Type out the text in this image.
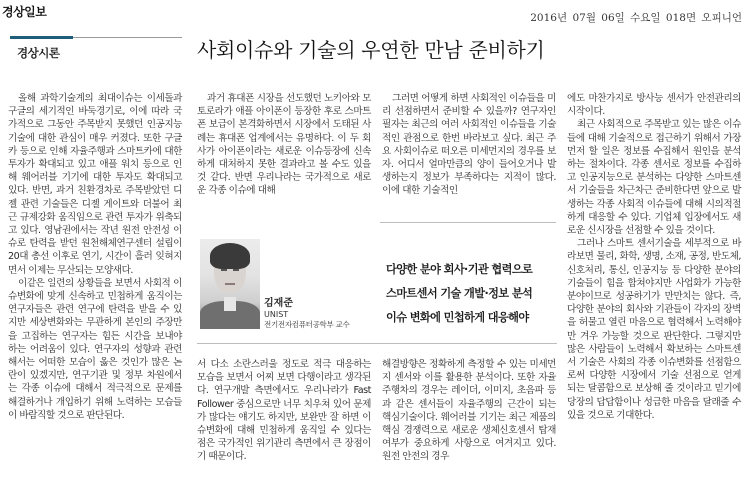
경상일보	2016년 07월 06일 수요일 018면 오피니언
경상시론	사회이슈와 기술의 우연한 만남 준비하기

올해 과학기술계의 최대이슈는 이세돌과 구글의 세기적인 바둑경기로, 이에 따라 국가적으로 그동안 주목받지 못했던 인공지능 기술에 대한 관심이 매우 커졌다. 또한 구글카 등으로 인해 자율주행과 스마트카에 대한 투자가 확대되고 있고 애플 워치 등으로 인해 웨어러블 기기에 대한 투자도 확대되고 있다. 반면, 과거 친환경차로 주목받았던 디젤 관련 기술들은 디젤 게이트와 더불어 최근 규제강화 움직임으로 관련 투자가 위축되고 있다. 영남권에서는 작년 원전 안전성 이슈로 탄력을 받던 원천해체연구센터 설립이 20대 총선 이후로 연기, 시간이 흘러 잊혀지면서 이제는 무산되는 모양새다.

이같은 일련의 상황들을 보면서 사회적 이슈변화에 맞게 신속하고 민첩하게 움직이는 연구자들은 관련 연구에 탄력을 받을 수 있지만 세상변화와는 무관하게 본인의 주장만을 고집하는 연구자는 힘든 시간을 보내야 하는 어려움이 있다. 연구자의 성향과 관련해서는 어떠한 모습이 옳은 것인가 많은 논란이 있겠지만, 연구기관 및 정부 차원에서는 각종 이슈에 대해서 적극적으로 문제를 해결하거나 개입하기 위해 노력하는 모습들이 바람직할 것으로 판단된다.

과거 휴대폰 시장을 선도했던 노키아와 모토로라가 애플 아이폰이 등장한 후로 스마트폰 보급이 본격화하면서 시장에서 도태된 사례는 휴대폰 업계에서는 유명하다. 이 두 회사가 아이폰이라는 새로운 이슈등장에 신속하게 대처하지 못한 결과라고 볼 수도 있을 것 같다. 반면 우리나라는 국가적으로 새로운 각종 이슈에 대해

그러면 어떻게 하면 사회적인 이슈들을 미리 선점하면서 준비할 수 있을까? 연구자인 필자는 최근의 여러 사회적인 이슈들을 기술적인 관점으로 한번 바라보고 싶다. 최근 주요 사회이슈로 떠오른 미세먼지의 경우를 보자. 어디서 얼마만큼의 양이 들어오거나 발생하는지 정보가 부족하다는 지적이 많다. 이에 대한 기술적인

에도 마찬가지로 방사능 센서가 안전관리의 시작이다.

최근 사회적으로 주목받고 있는 많은 이슈들에 대해 기술적으로 접근하기 위해서 가장 먼저 할 일은 정보를 수집해서 원인을 분석하는 절차이다. 각종 센서로 정보를 수집하고 인공지능으로 분석하는 다양한 스마트센서 기술들을 차근차근 준비한다면 앞으로 발생하는 각종 사회적 이슈들에 대해 시의적절하게 대응할 수 있다. 기업체 입장에서도 새로운 신시장을 선점할 수 있을 것이다.

그러나 스마트 센서기술을 세부적으로 바라보면 물리, 화학, 생명, 소재, 공정, 반도체, 신호처리, 통신, 인공지능 등 다양한 분야의 기술들이 힘을 합쳐야지만 사업화가 가능한 분야이므로 성공하기가 만만치는 않다. 즉, 다양한 분야의 회사와 기관들이 각자의 장벽을 허물고 열린 마음으로 협력해서 노력해야만 겨우 가능할 것으로 판단한다. 그렇지만 많은 사람들이 노력해서 확보하는 스마트센서 기술은 사회의 각종 이슈변화를 선점함으로써 다양한 시장에서 기술 선점으로 얻게 되는 달콤함으로 보상해 줄 것이라고 믿기에 당장의 답답함이나 성급한 마음을 달래줄 수 있을 것으로 기대한다.

김재준
UNIST
전기전자컴퓨터공학부 교수
다양한 분야 회사·기관 협력으로
스마트센서 기술 개발·정보 분석
이슈 변화에 민첩하게 대응해야

서 다소 소란스러울 정도로 적극 대응하는 모습을 보면서 어찌 보면 다행이라고 생각된다. 연구개발 측면에서도 우리나라가 Fast Follower 중심으로만 너무 치우쳐 있어 문제가 많다는 얘기도 하지만, 보완만 잘 하면 이슈변화에 대해 민첩하게 움직일 수 있다는 점은 국가적인 위기관리 측면에서 큰 장점이기 때문이다.

해결방향은 정확하게 측정할 수 있는 미세먼지 센서와 이를 활용한 분석이다. 또한 자율주행차의 경우는 레이더, 이미지, 초음파 등과 같은 센서들이 자율주행의 근간이 되는 핵심기술이다. 웨어러블 기기는 최근 제품의 핵심 경쟁력으로 새로운 생체신호센서 탑재여부가 중요하게 사항으로 여겨지고 있다. 원전 안전의 경우
